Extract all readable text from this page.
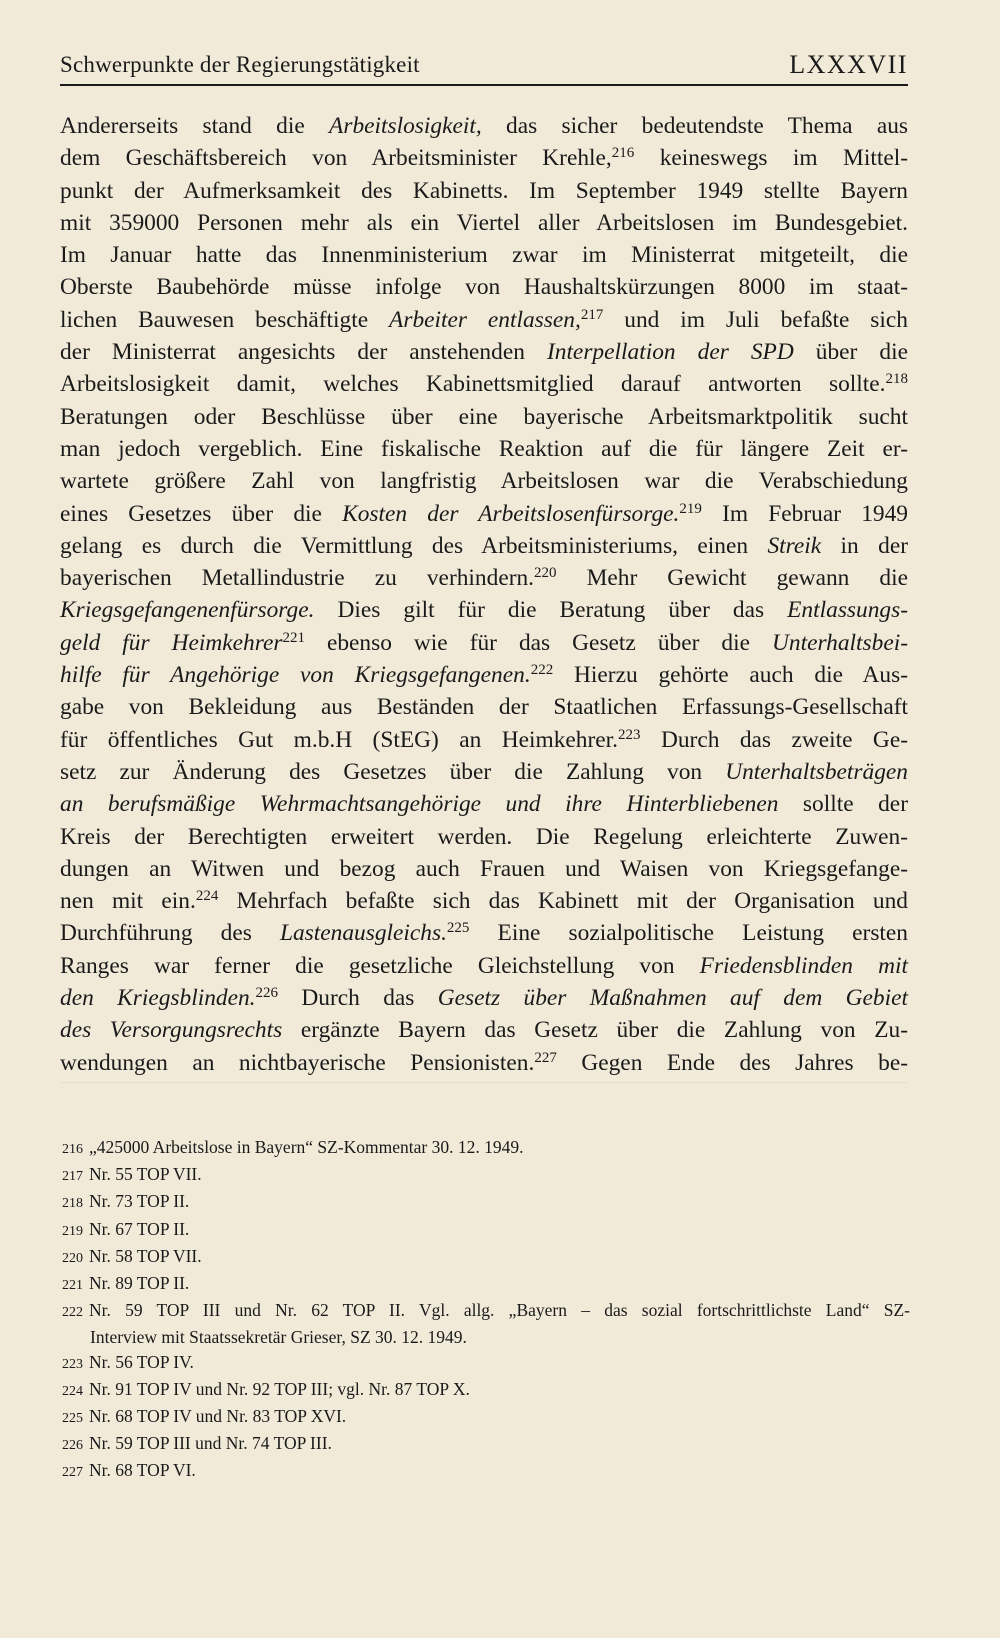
Schwerpunkte der Regierungstätigkeit	LXXXVII
Andererseits stand die Arbeitslosigkeit, das sicher bedeutendste Thema aus
dem Geschäftsbereich von Arbeitsminister Krehle,$^{216}$ keineswegs im Mittel-
punkt der Aufmerksamkeit des Kabinetts. Im September 1949 stellte Bayern
mit 359000 Personen mehr als ein Viertel aller Arbeitslosen im Bundesgebiet.
Im Januar hatte das Innenministerium zwar im Ministerrat mitgeteilt, die
Oberste Baubehörde müsse infolge von Haushaltskürzungen 8000 im staat-
lichen Bauwesen beschäftigte Arbeiter entlassen,$^{217}$ und im Juli befaßte sich
der Ministerrat angesichts der anstehenden Interpellation der SPD über die
Arbeitslosigkeit damit, welches Kabinettsmitglied darauf antworten sollte.$^{218}$
Beratungen oder Beschlüsse über eine bayerische Arbeitsmarktpolitik sucht
man jedoch vergeblich. Eine fiskalische Reaktion auf die für längere Zeit er-
wartete größere Zahl von langfristig Arbeitslosen war die Verabschiedung
eines Gesetzes über die Kosten der Arbeitslosenfürsorge.$^{219}$ Im Februar 1949
gelang es durch die Vermittlung des Arbeitsministeriums, einen Streik in der
bayerischen Metallindustrie zu verhindern.$^{220}$ Mehr Gewicht gewann die
Kriegsgefangenenfürsorge. Dies gilt für die Beratung über das Entlassungs-
geld für Heimkehrer$^{221}$ ebenso wie für das Gesetz über die Unterhaltsbei-
hilfe für Angehörige von Kriegsgefangenen.$^{222}$ Hierzu gehörte auch die Aus-
gabe von Bekleidung aus Beständen der Staatlichen Erfassungs-Gesellschaft
für öffentliches Gut m.b.H (StEG) an Heimkehrer.$^{223}$ Durch das zweite Ge-
setz zur Änderung des Gesetzes über die Zahlung von Unterhaltsbeträgen
an berufsmäßige Wehrmachtsangehörige und ihre Hinterbliebenen sollte der
Kreis der Berechtigten erweitert werden. Die Regelung erleichterte Zuwen-
dungen an Witwen und bezog auch Frauen und Waisen von Kriegsgefange-
nen mit ein.$^{224}$ Mehrfach befaßte sich das Kabinett mit der Organisation und
Durchführung des Lastenausgleichs.$^{225}$ Eine sozialpolitische Leistung ersten
Ranges war ferner die gesetzliche Gleichstellung von Friedensblinden mit
den Kriegsblinden.$^{226}$ Durch das Gesetz über Maßnahmen auf dem Gebiet
des Versorgungsrechts ergänzte Bayern das Gesetz über die Zahlung von Zu-
wendungen an nichtbayerische Pensionisten.$^{227}$ Gegen Ende des Jahres be-
216 „425000 Arbeitslose in Bayern“ SZ-Kommentar 30. 12. 1949.
217 Nr. 55 TOP VII.
218 Nr. 73 TOP II.
219 Nr. 67 TOP II.
220 Nr. 58 TOP VII.
221 Nr. 89 TOP II.
222 Nr. 59 TOP III und Nr. 62 TOP II. Vgl. allg. „Bayern – das sozial fortschrittlichste Land“ SZ-
Interview mit Staatssekretär Grieser, SZ 30. 12. 1949.
223 Nr. 56 TOP IV.
224 Nr. 91 TOP IV und Nr. 92 TOP III; vgl. Nr. 87 TOP X.
225 Nr. 68 TOP IV und Nr. 83 TOP XVI.
226 Nr. 59 TOP III und Nr. 74 TOP III.
227 Nr. 68 TOP VI.
